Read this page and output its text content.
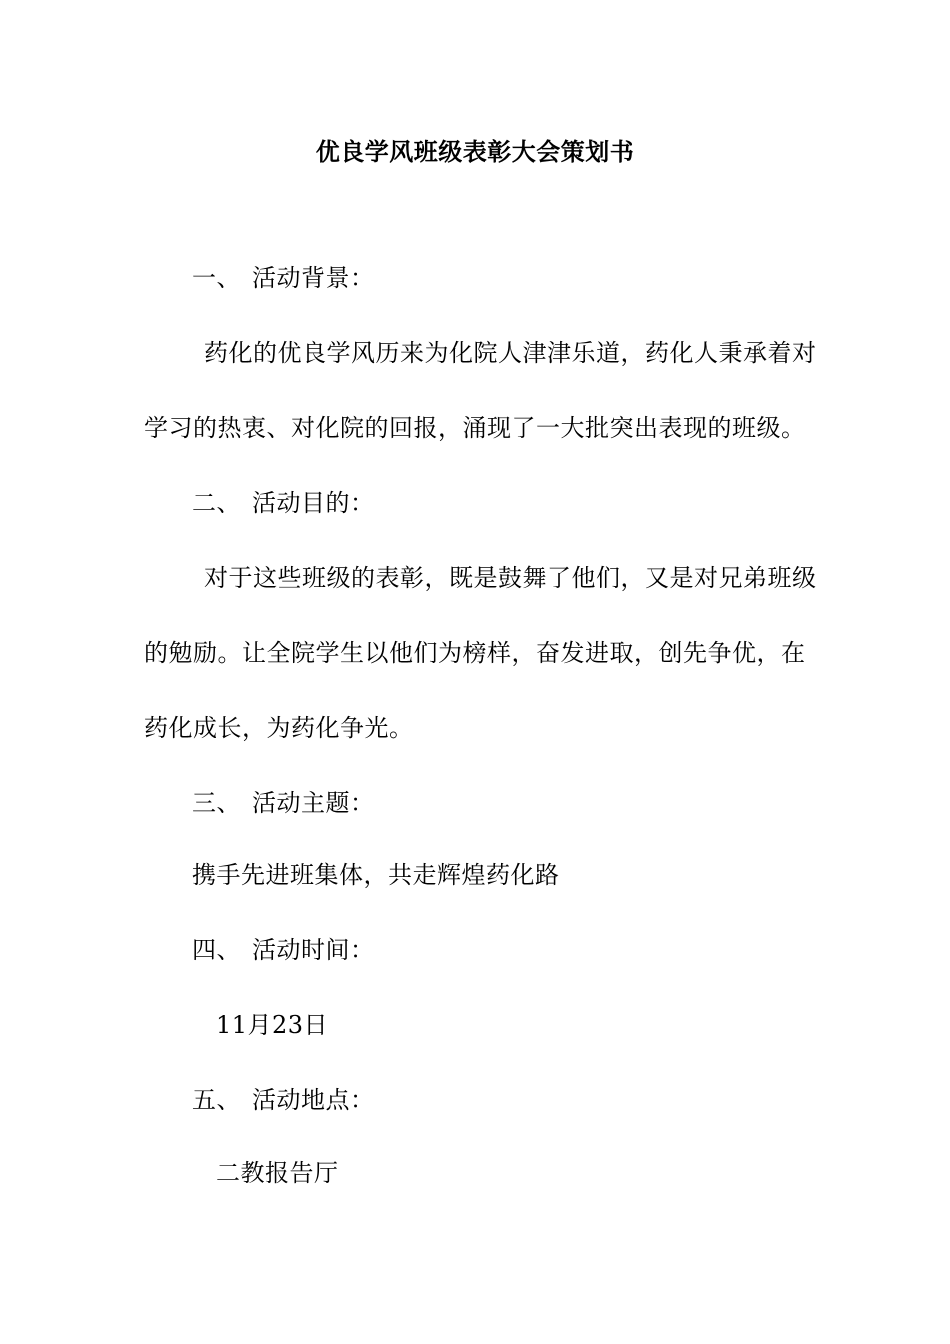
优良学风班级表彰大会策划书
一、 活动背景：
药化的优良学风历来为化院人津津乐道，药化人秉承着对
学习的热衷、对化院的回报，涌现了一大批突出表现的班级。
二、 活动目的：
对于这些班级的表彰，既是鼓舞了他们，又是对兄弟班级
的勉励。让全院学生以他们为榜样，奋发进取，创先争优，在
药化成长，为药化争光。
三、 活动主题：
携手先进班集体，共走辉煌药化路
四、 活动时间：
11月23日
五、 活动地点：
二教报告厅
